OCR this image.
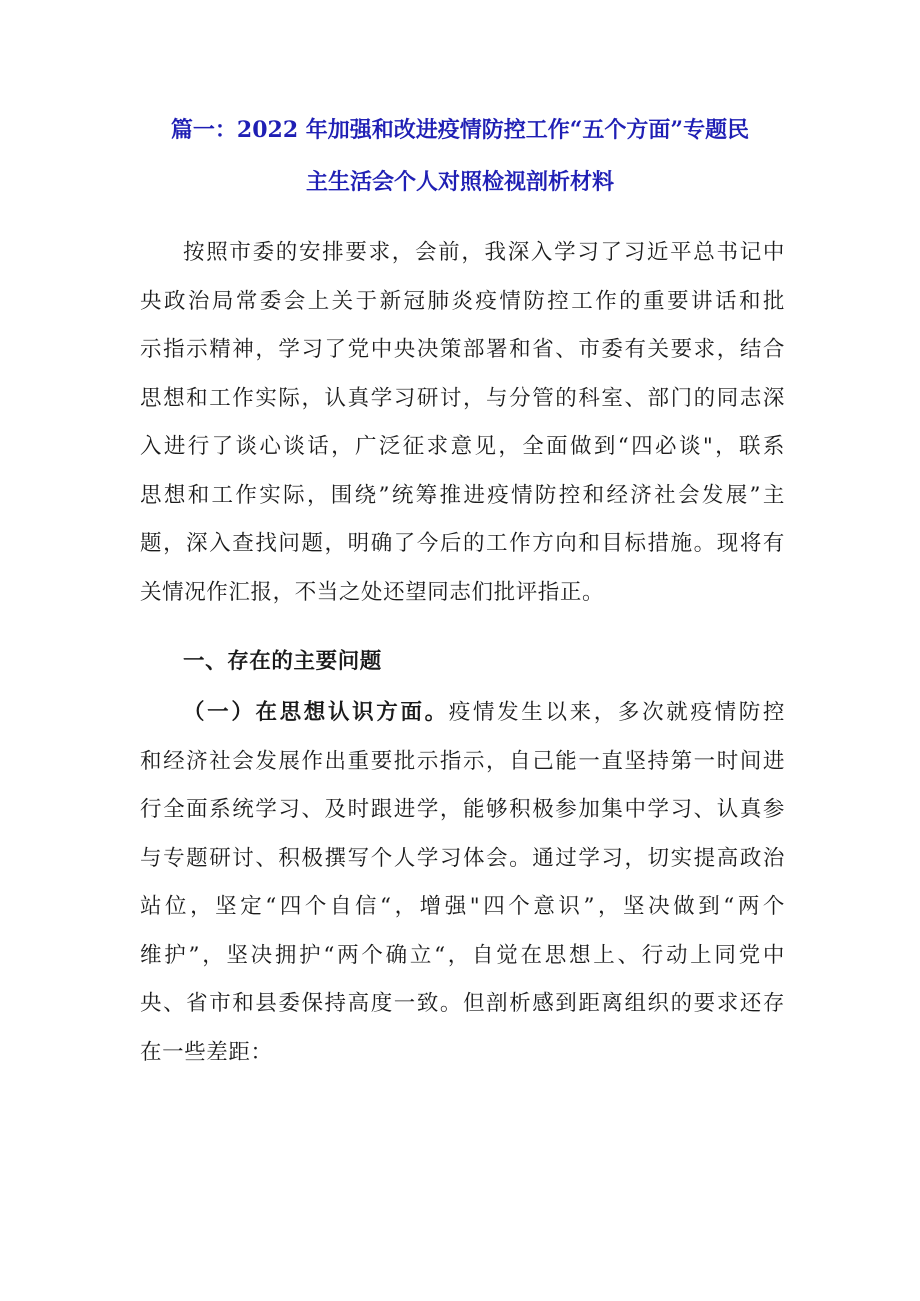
篇一：2022 年加强和改进疫情防控工作“五个方面”专题民
主生活会个人对照检视剖析材料
按照市委的安排要求，会前，我深入学习了习近平总书记中
央政治局常委会上关于新冠肺炎疫情防控工作的重要讲话和批
示指示精神，学习了党中央决策部署和省、市委有关要求，结合
思想和工作实际，认真学习研讨，与分管的科室、部门的同志深
入进行了谈心谈话，广泛征求意见，全面做到“四必谈"，联系
思想和工作实际，围绕”统筹推进疫情防控和经济社会发展”主
题，深入查找问题，明确了今后的工作方向和目标措施。现将有
关情况作汇报，不当之处还望同志们批评指正。
一、存在的主要问题
（一）在思想认识方面。疫情发生以来，多次就疫情防控
和经济社会发展作出重要批示指示，自己能一直坚持第一时间进
行全面系统学习、及时跟进学，能够积极参加集中学习、认真参
与专题研讨、积极撰写个人学习体会。通过学习，切实提高政治
站位，坚定“四个自信“，增强"四个意识”，坚决做到“两个
维护”，坚决拥护“两个确立“，自觉在思想上、行动上同党中
央、省市和县委保持高度一致。但剖析感到距离组织的要求还存
在一些差距：
